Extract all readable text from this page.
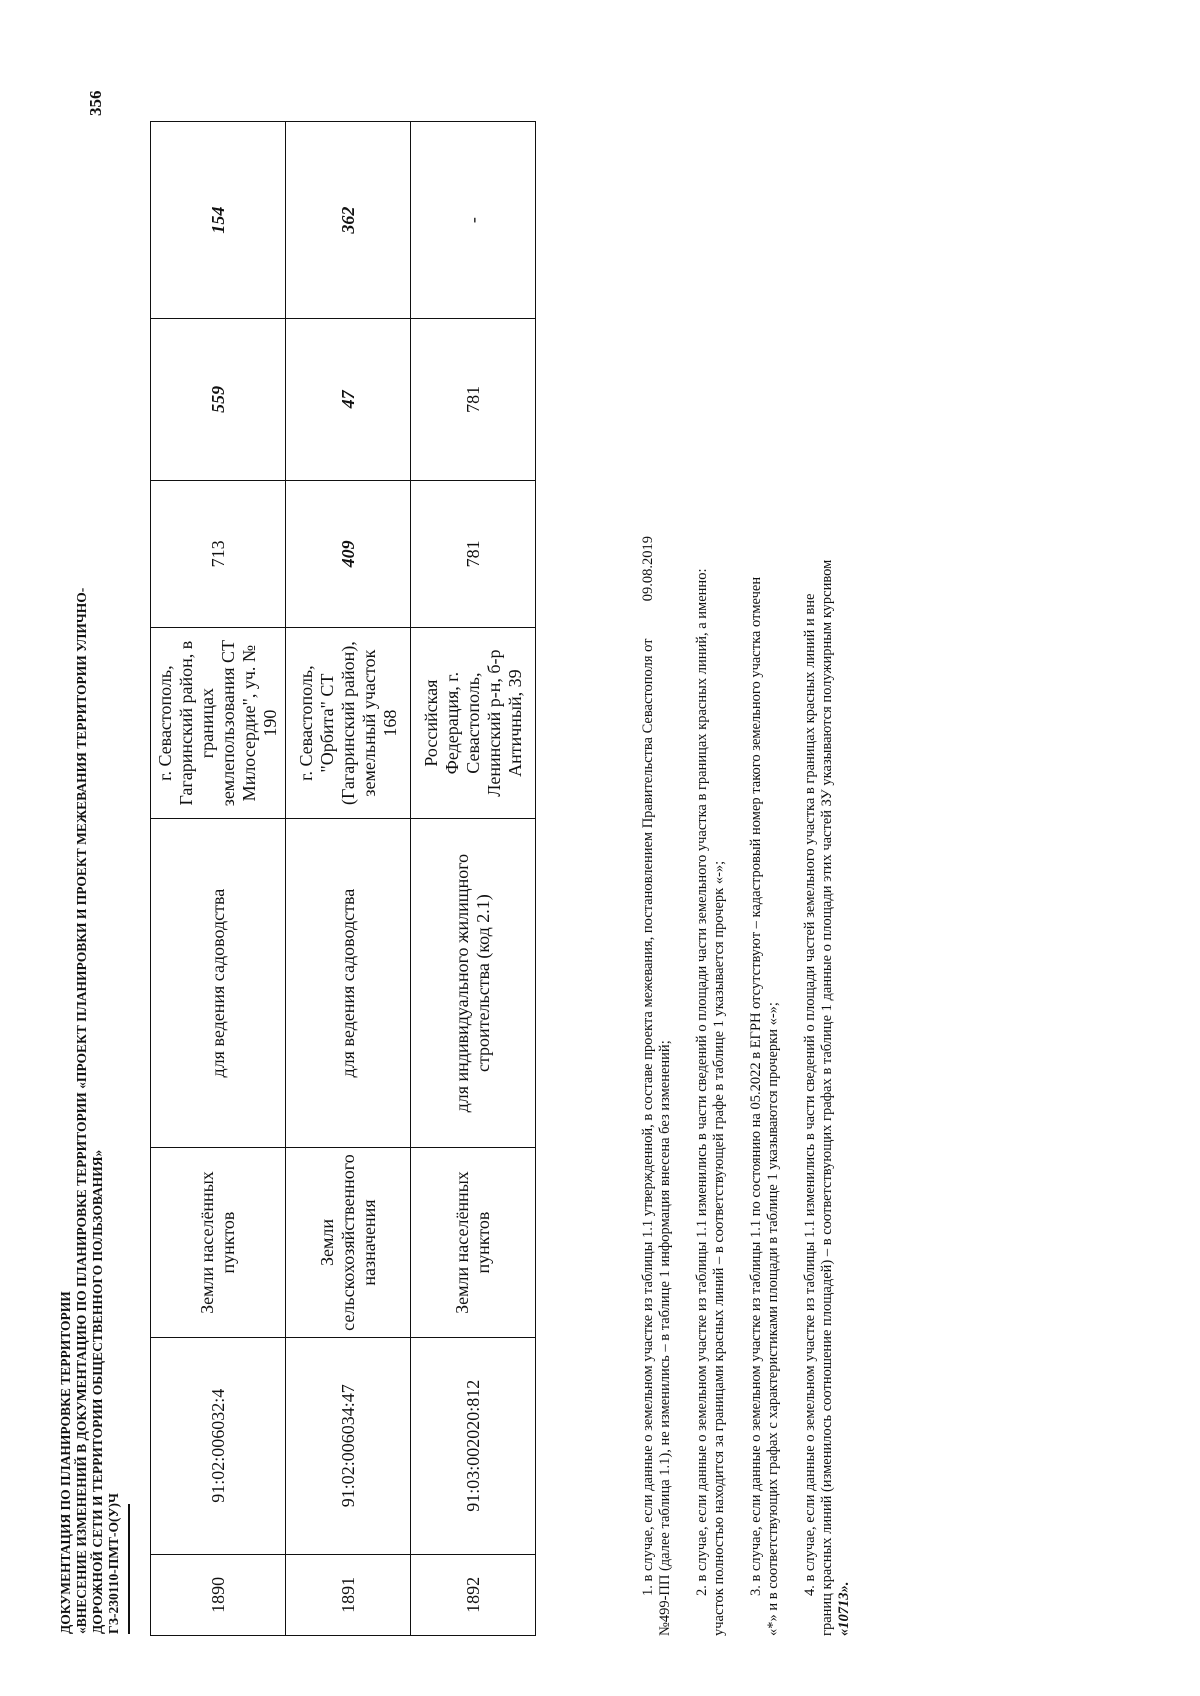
ДОКУМЕНТАЦИЯ ПО ПЛАНИРОВКЕ ТЕРРИТОРИИ «ВНЕСЕНИЕ ИЗМЕНЕНИЙ В ДОКУМЕНТАЦИЮ ПО ПЛАНИРОВКЕ ТЕРРИТОРИИ «ПРОЕКТ ПЛАНИРОВКИ И ПРОЕКТ МЕЖЕВАНИЯ ТЕРРИТОРИИ УЛИЧНО- ДОРОЖНОЙ СЕТИ И ТЕРРИТОРИИ ОБЩЕСТВЕННОГО ПОЛЬЗОВАНИЯ» ГЗ-230110-ПМТ-О(У)Ч
356
1890	91:02:006032:4	Земли населённых пунктов	для ведения садоводства	г. Севастополь, Гагаринский район, в границах землепользования СТ Милосердие", уч. № 190	713	559	154
1891	91:02:006034:47	Земли сельскохозяйственного назначения	для ведения садоводства	г. Севастополь, "Орбита" СТ (Гагаринский район), земельный участок 168	409	47	362
1892	91:03:002020:812	Земли населённых пунктов	для индивидуального жилищного строительства (код 2.1)	Российская Федерация, г. Севастополь, Ленинский р-н, б-р Античный, 39	781	781	-

1. в случае, если данные о земельном участке из таблицы 1.1 утвержденной, в составе проекта межевания, постановлением Правительства Севастополя от  09.08.2019
№499-ПП (далее таблица 1.1), не изменились – в таблице 1 информация внесена без изменений; 2. в случае, если данные о земельном участке из таблицы 1.1 изменились в части сведений о площади части земельного участка в границах красных линий, а именно:
участок полностью находится за границами красных линий – в соответствующей графе в таблице 1 указывается прочерк «-»; 3. в случае, если данные о земельном участке из таблицы 1.1 по состоянию на 05.2022 в ЕГРН отсутствуют – кадастровый номер такого земельного участка отмечен
«*» и в соответствующих графах с характеристиками площади в таблице 1 указываются прочерки «-»; 4. в случае, если данные о земельном участке из таблицы 1.1 изменились в части сведений о площади частей земельного участка в границах красных линий и вне
границ красных линий (изменилось соотношение площадей) – в соответствующих графах в таблице 1 данные о площади этих частей ЗУ указываются полужирным курсивом
«10713».
